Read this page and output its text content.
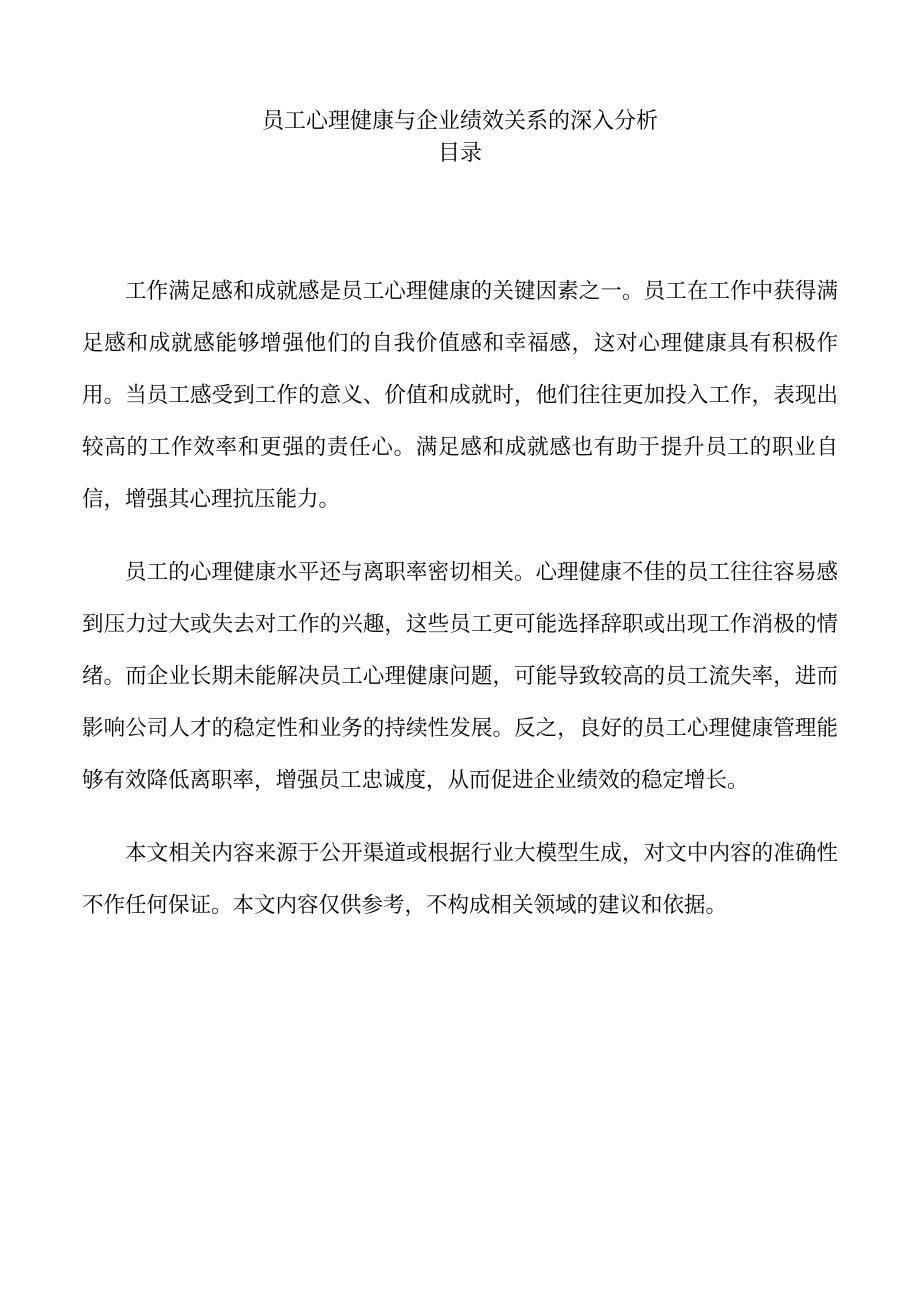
员工心理健康与企业绩效关系的深入分析
目录

工作满足感和成就感是员工心理健康的关键因素之一。员工在工作中获得满足感和成就感能够增强他们的自我价值感和幸福感，这对心理健康具有积极作用。当员工感受到工作的意义、价值和成就时，他们往往更加投入工作，表现出较高的工作效率和更强的责任心。满足感和成就感也有助于提升员工的职业自信，增强其心理抗压能力。

员工的心理健康水平还与离职率密切相关。心理健康不佳的员工往往容易感到压力过大或失去对工作的兴趣，这些员工更可能选择辞职或出现工作消极的情绪。而企业长期未能解决员工心理健康问题，可能导致较高的员工流失率，进而影响公司人才的稳定性和业务的持续性发展。反之，良好的员工心理健康管理能够有效降低离职率，增强员工忠诚度，从而促进企业绩效的稳定增长。

本文相关内容来源于公开渠道或根据行业大模型生成，对文中内容的准确性不作任何保证。本文内容仅供参考，不构成相关领域的建议和依据。
